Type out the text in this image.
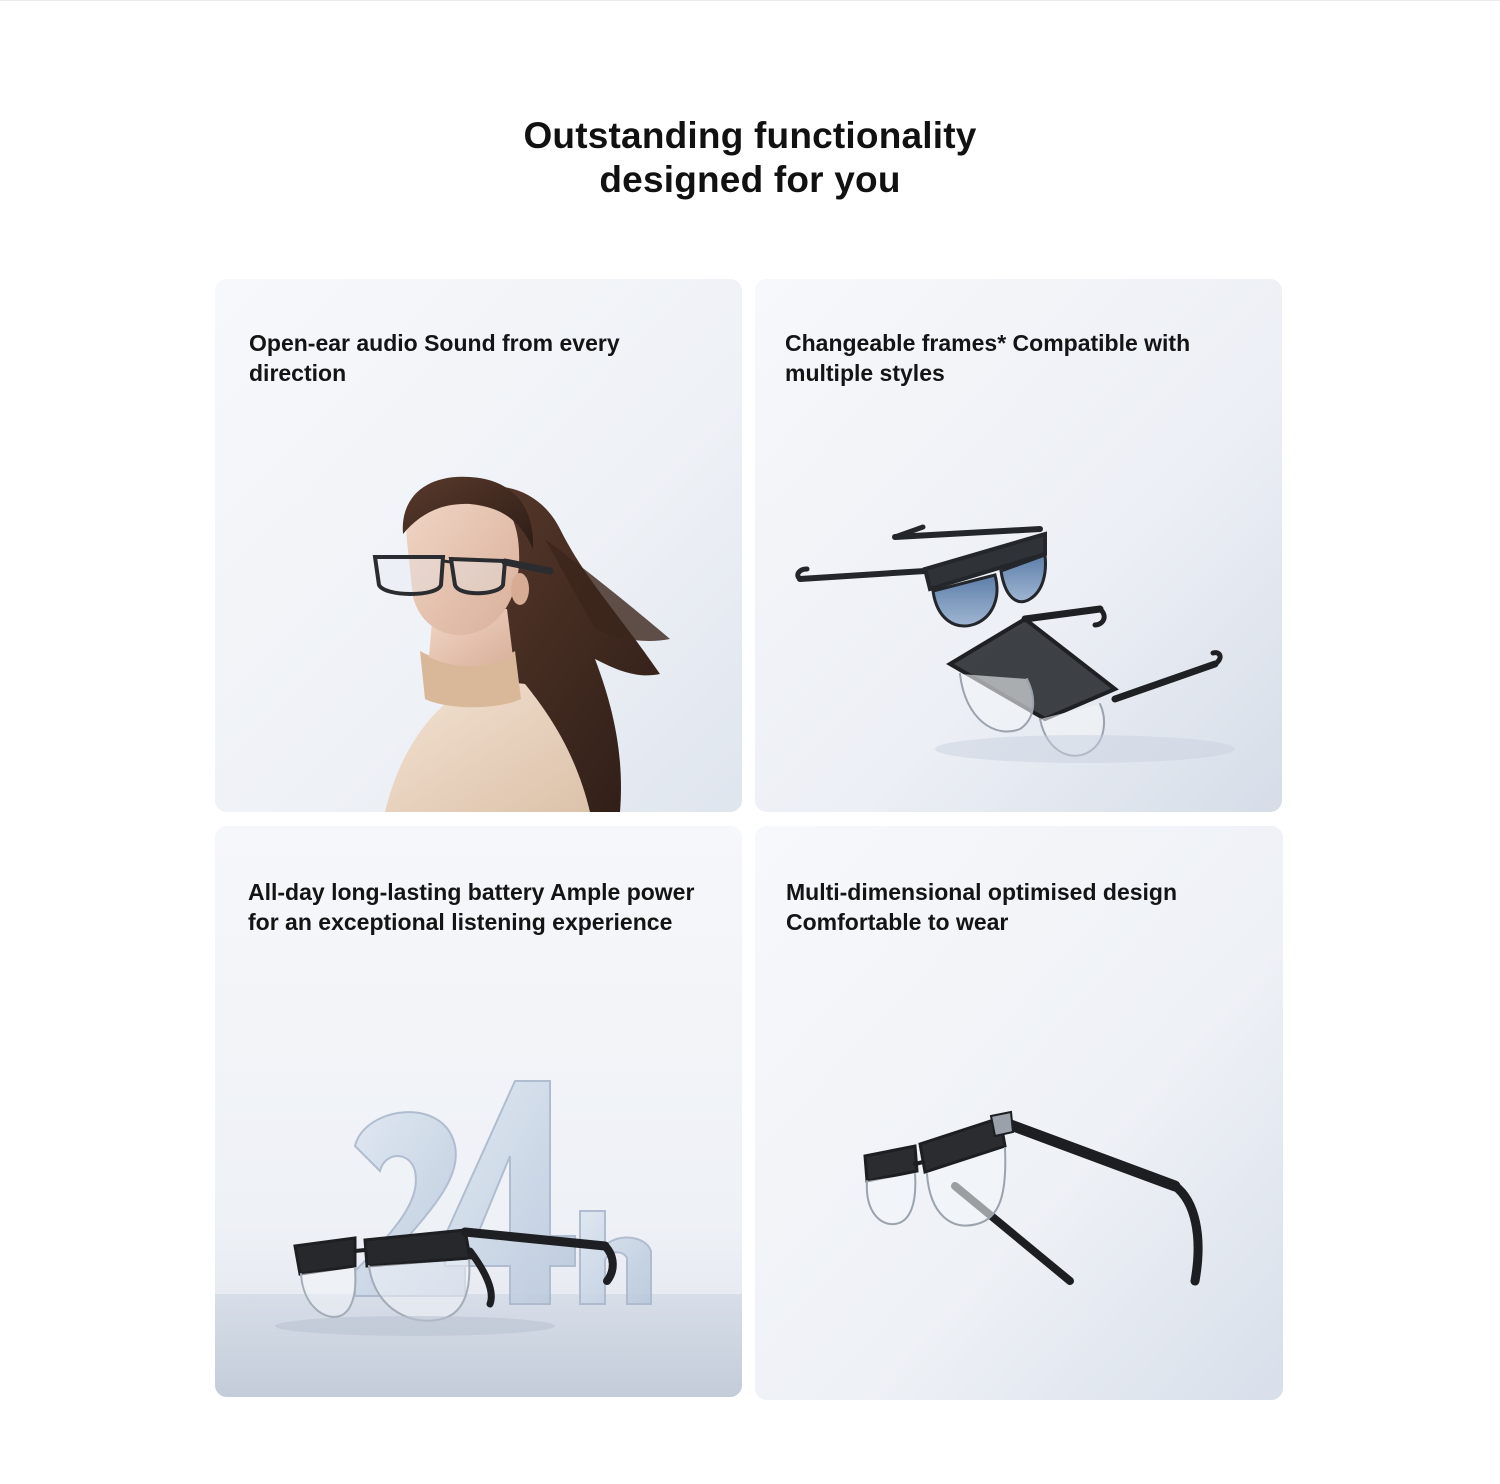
Outstanding functionality
designed for you
Open-ear audio Sound from every direction
Changeable frames* Compatible with multiple styles
All-day long-lasting battery Ample power for an exceptional listening experience
Multi-dimensional optimised design Comfortable to wear
